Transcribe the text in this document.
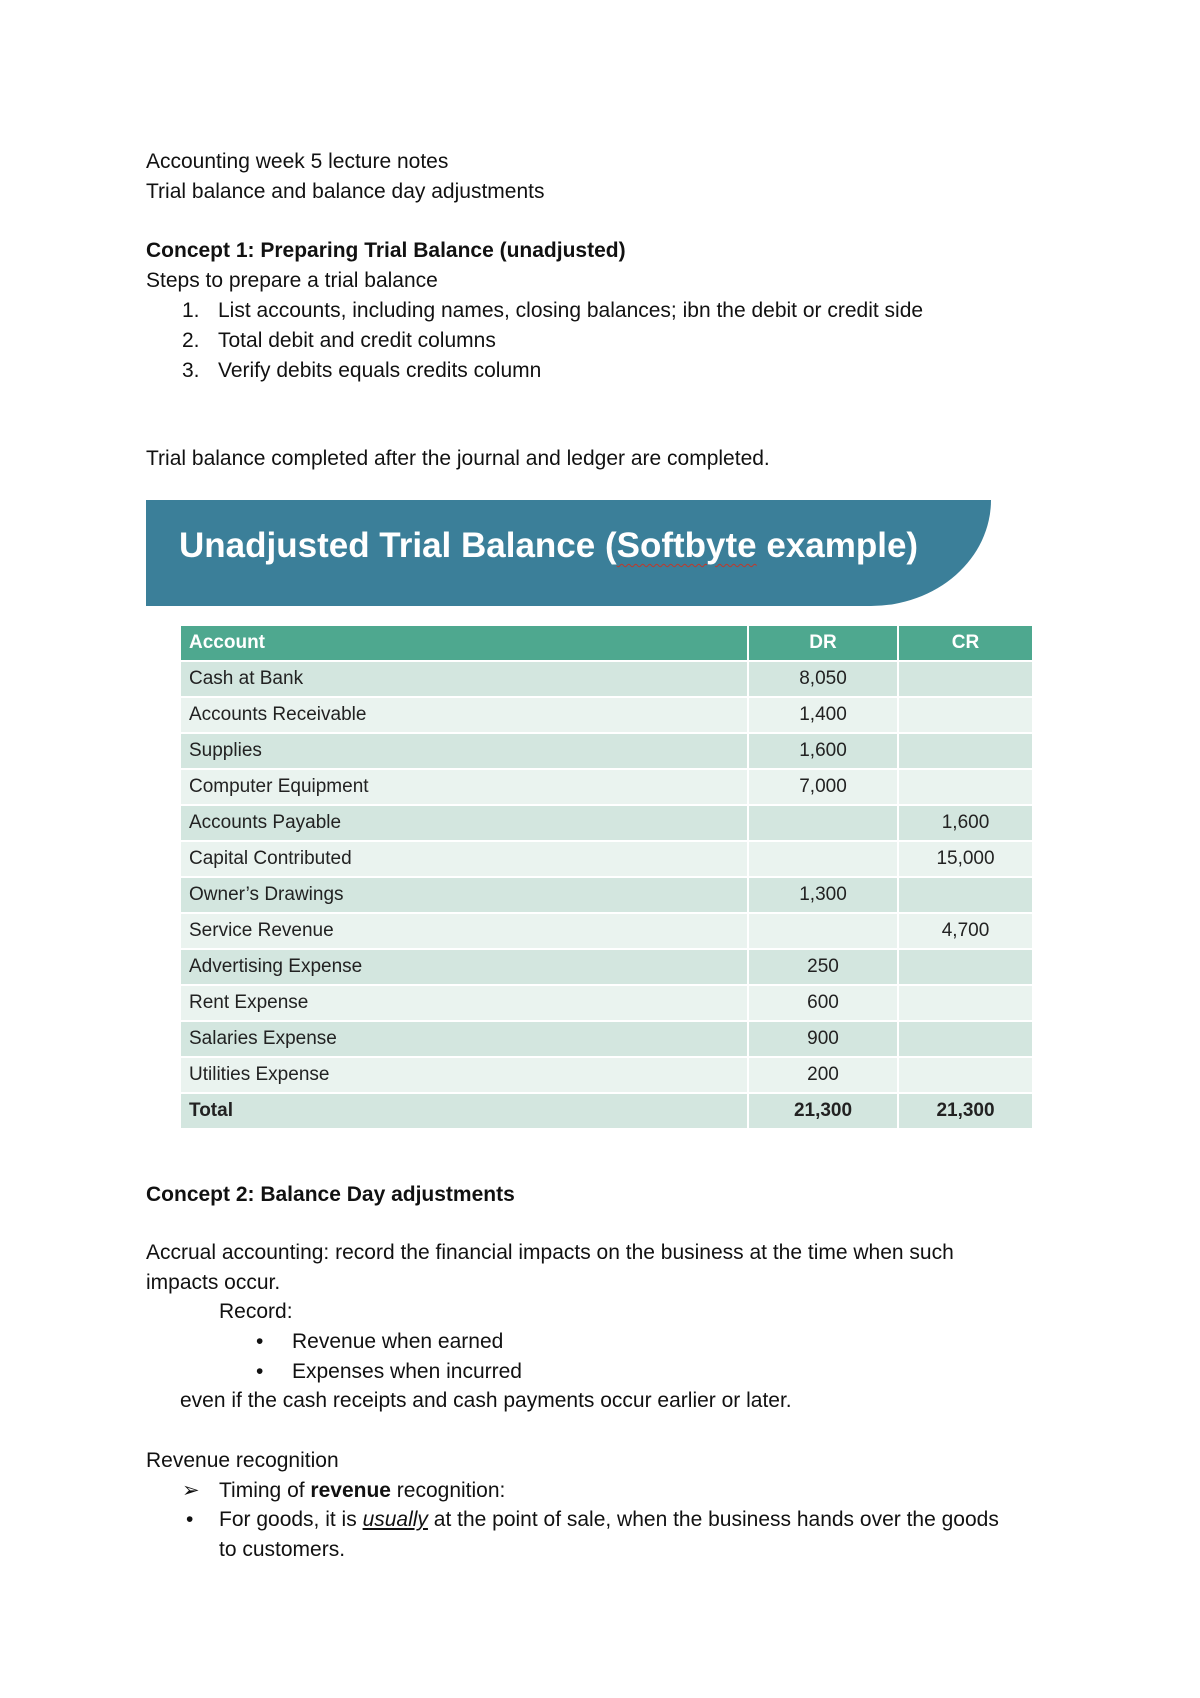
Accounting week 5 lecture notes
Trial balance and balance day adjustments
Concept 1: Preparing Trial Balance (unadjusted)
Steps to prepare a trial balance
1. List accounts, including names, closing balances; ibn the debit or credit side
2. Total debit and credit columns
3. Verify debits equals credits column
Trial balance completed after the journal and ledger are completed.
Unadjusted Trial Balance (Softbyte example)
Account	DR	CR
Cash at Bank	8,050	
Accounts Receivable	1,400	
Supplies	1,600	
Computer Equipment	7,000	
Accounts Payable		1,600
Capital Contributed		15,000
Owner’s Drawings	1,300	
Service Revenue		4,700
Advertising Expense	250	
Rent Expense	600	
Salaries Expense	900	
Utilities Expense	200	
Total	21,300	21,300
Concept 2: Balance Day adjustments
Accrual accounting: record the financial impacts on the business at the time when such
impacts occur.
Record:
• Revenue when earned
• Expenses when incurred
even if the cash receipts and cash payments occur earlier or later.
Revenue recognition
➢ Timing of revenue recognition:
• For goods, it is usually at the point of sale, when the business hands over the goods
to customers.
